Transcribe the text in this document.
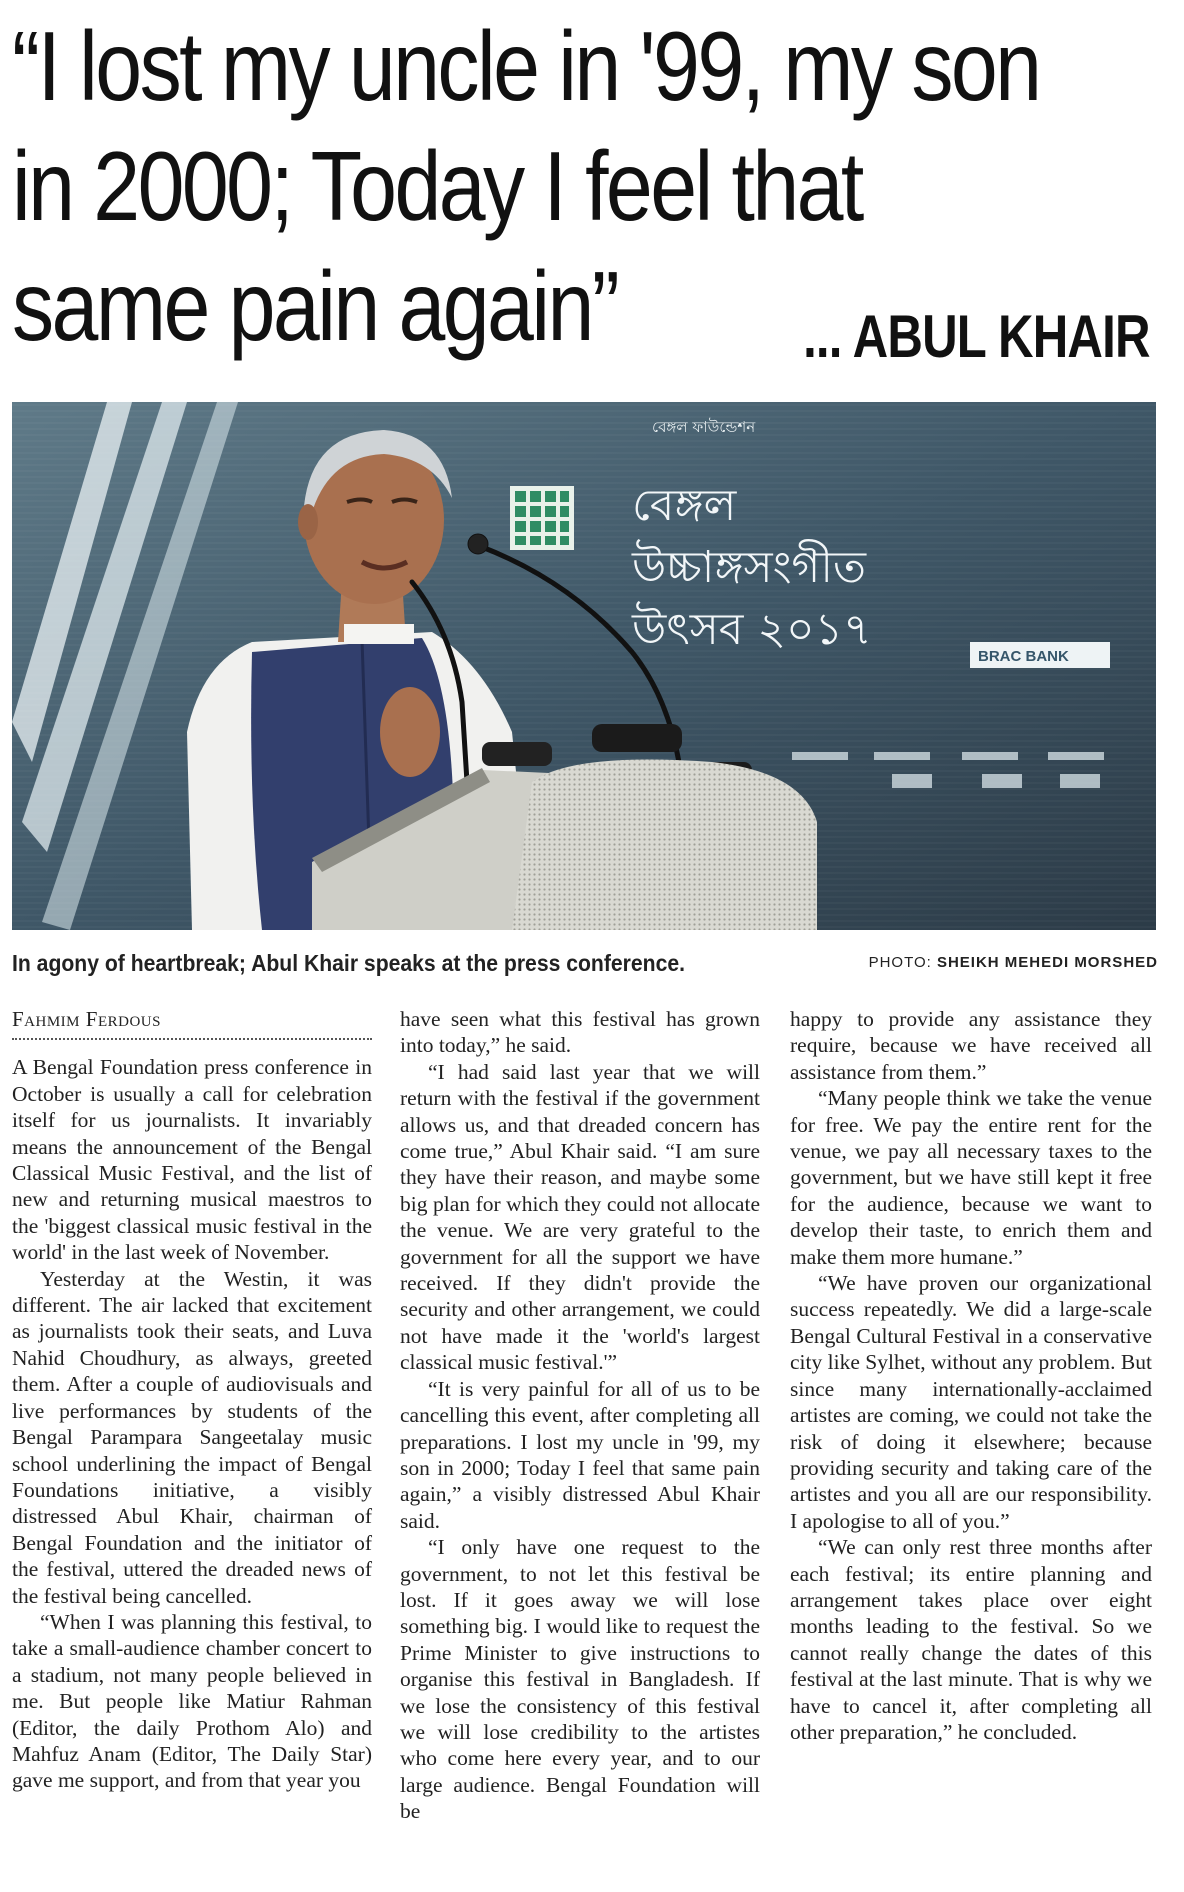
“I lost my uncle in '99, my son
in 2000; Today I feel that
same pain again”	... ABUL KHAIR
বেঙ্গল ফাউন্ডেশন
বেঙ্গল
উচ্চাঙ্গসংগীত
উৎসব ২০১৭
BRAC BANK
In agony of heartbreak; Abul Khair speaks at the press conference.	PHOTO: SHEIKH MEHEDI MORSHED
Fahmim Ferdous

A Bengal Foundation press conference in October is usually a call for celebration itself for us journalists. It invariably means the announcement of the Bengal Classical Music Festival, and the list of new and returning musical maestros to the 'biggest classical music festival in the world' in the last week of November.

Yesterday at the Westin, it was different. The air lacked that excitement as journalists took their seats, and Luva Nahid Choudhury, as always, greeted them. After a couple of audiovisuals and live performances by students of the Bengal Parampara Sangeetalay music school underlining the impact of Bengal Foundations initiative, a visibly distressed Abul Khair, chairman of Bengal Foundation and the initiator of the festival, uttered the dreaded news of the festival being cancelled.

“When I was planning this festival, to take a small-audience chamber concert to a stadium, not many people believed in me. But people like Matiur Rahman (Editor, the daily Prothom Alo) and Mahfuz Anam (Editor, The Daily Star) gave me support, and from that year you

have seen what this festival has grown into today,” he said.

“I had said last year that we will return with the festival if the government allows us, and that dreaded concern has come true,” Abul Khair said. “I am sure they have their reason, and maybe some big plan for which they could not allocate the venue. We are very grateful to the government for all the support we have received. If they didn't provide the security and other arrangement, we could not have made it the 'world's largest classical music festival.'”

“It is very painful for all of us to be cancelling this event, after completing all preparations. I lost my uncle in '99, my son in 2000; Today I feel that same pain again,” a visibly distressed Abul Khair said.

“I only have one request to the government, to not let this festival be lost. If it goes away we will lose something big. I would like to request the Prime Minister to give instructions to organise this festival in Bangladesh. If we lose the consistency of this festival we will lose credibility to the artistes who come here every year, and to our large audience. Bengal Foundation will be

happy to provide any assistance they require, because we have received all assistance from them.”

“Many people think we take the venue for free. We pay the entire rent for the venue, we pay all necessary taxes to the government, but we have still kept it free for the audience, because we want to develop their taste, to enrich them and make them more humane.”

“We have proven our organizational success repeatedly. We did a large-scale Bengal Cultural Festival in a conservative city like Sylhet, without any problem. But since many internationally-acclaimed artistes are coming, we could not take the risk of doing it elsewhere; because providing security and taking care of the artistes and you all are our responsibility. I apologise to all of you.”

“We can only rest three months after each festival; its entire planning and arrangement takes place over eight months leading to the festival. So we cannot really change the dates of this festival at the last minute. That is why we have to cancel it, after completing all other preparation,” he concluded.
